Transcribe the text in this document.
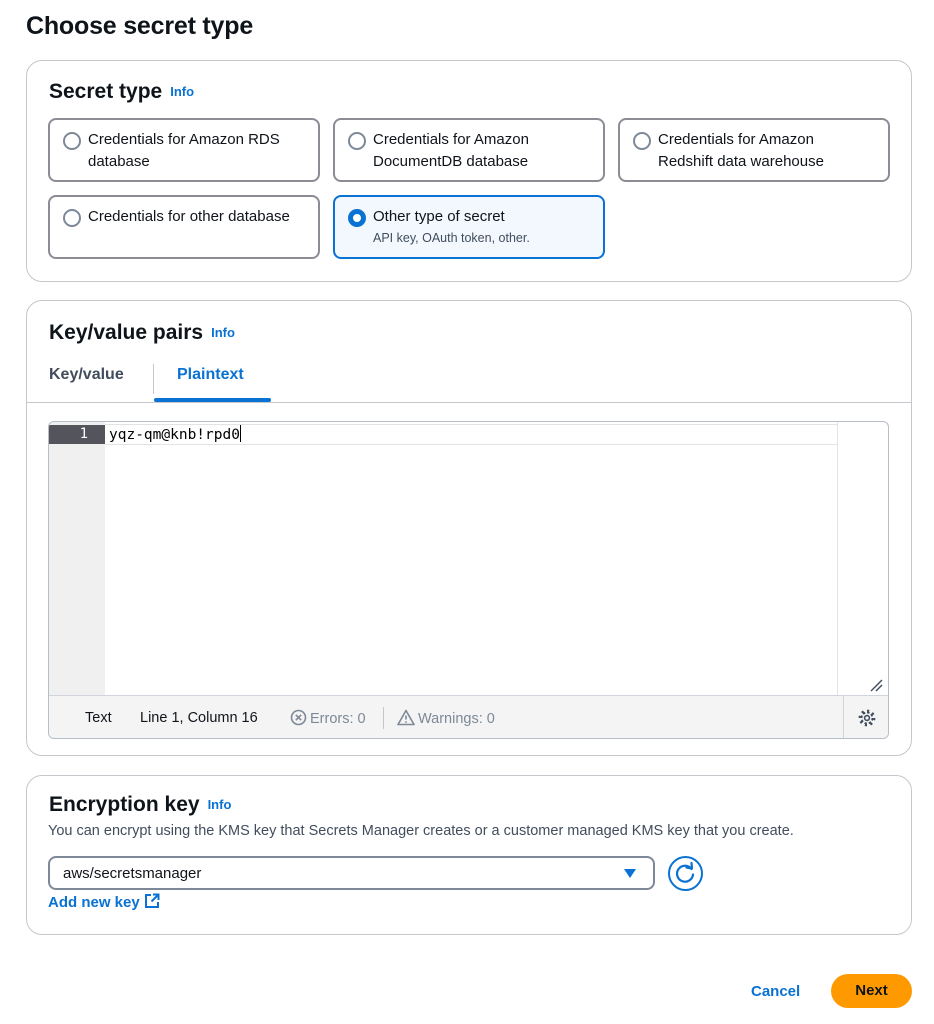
Choose secret type
Secret type Info
Credentials for Amazon RDS
database
Credentials for Amazon
DocumentDB database
Credentials for Amazon
Redshift data warehouse
Credentials for other database	Other type of secret
API key, OAuth token, other.
Key/value pairs Info
Key/value	Plaintext
1	yqz-qm@knb!rpd0
Text Line 1, Column 16	Errors: 0	Warnings: 0
Encryption key Info
You can encrypt using the KMS key that Secrets Manager creates or a customer managed KMS key that you create.
aws/secretsmanager
Add new key
Cancel	Next
